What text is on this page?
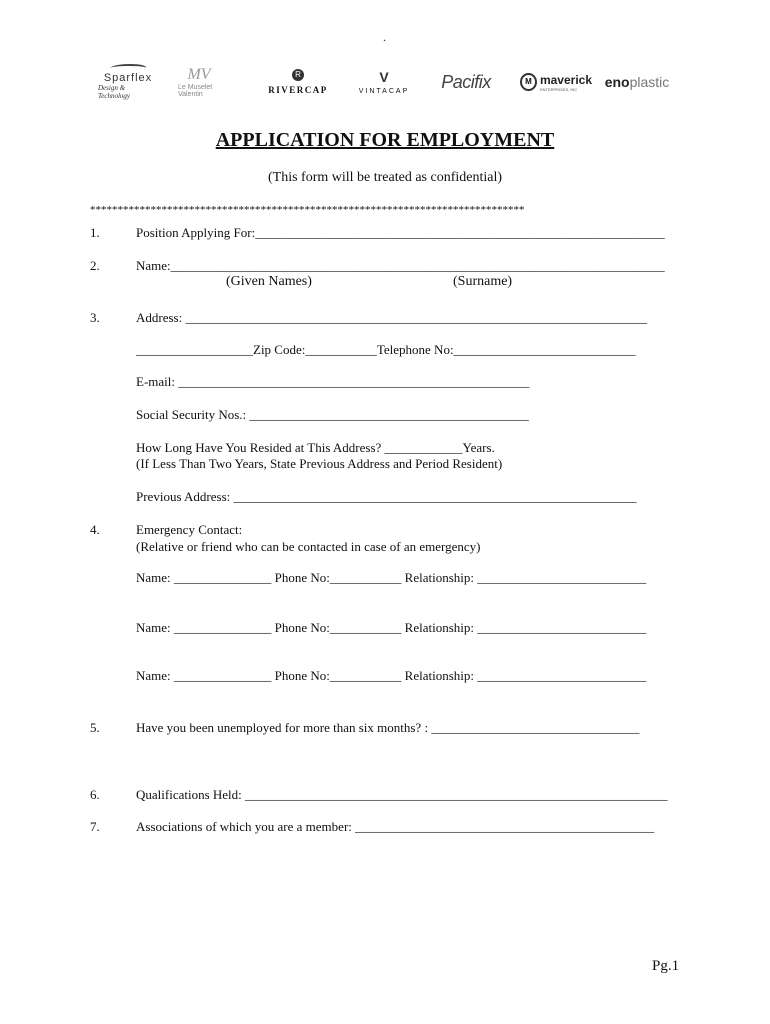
.
Sparflex
Design & Technology
MV
Le Muselet Valentin
R
RIVERCAP
V
VINTACAP Pacifix	M maverick
ENTERPRISES, INC	eno plastic
APPLICATION FOR EMPLOYMENT
(This form will be treated as confidential)
*******************************************************************************
1.	Position Applying For:_______________________________________________________________
2.	Name:____________________________________________________________________________
(Given Names)	(Surname)
3.	Address: _______________________________________________________________________
__________________Zip Code:___________Telephone No:____________________________
E-mail: ______________________________________________________
Social Security Nos.: ___________________________________________
How Long Have You Resided at This Address? ____________Years.
(If Less Than Two Years, State Previous Address and Period Resident)
Previous Address: ______________________________________________________________
4.	Emergency Contact:
(Relative or friend who can be contacted in case of an emergency)
Name: _______________ Phone No:___________ Relationship: __________________________
Name: _______________ Phone No:___________ Relationship: __________________________
Name: _______________ Phone No:___________ Relationship: __________________________
5.	Have you been unemployed for more than six months? : ________________________________
6.	Qualifications Held: _________________________________________________________________
7.	Associations of which you are a member: ______________________________________________
Pg.1
